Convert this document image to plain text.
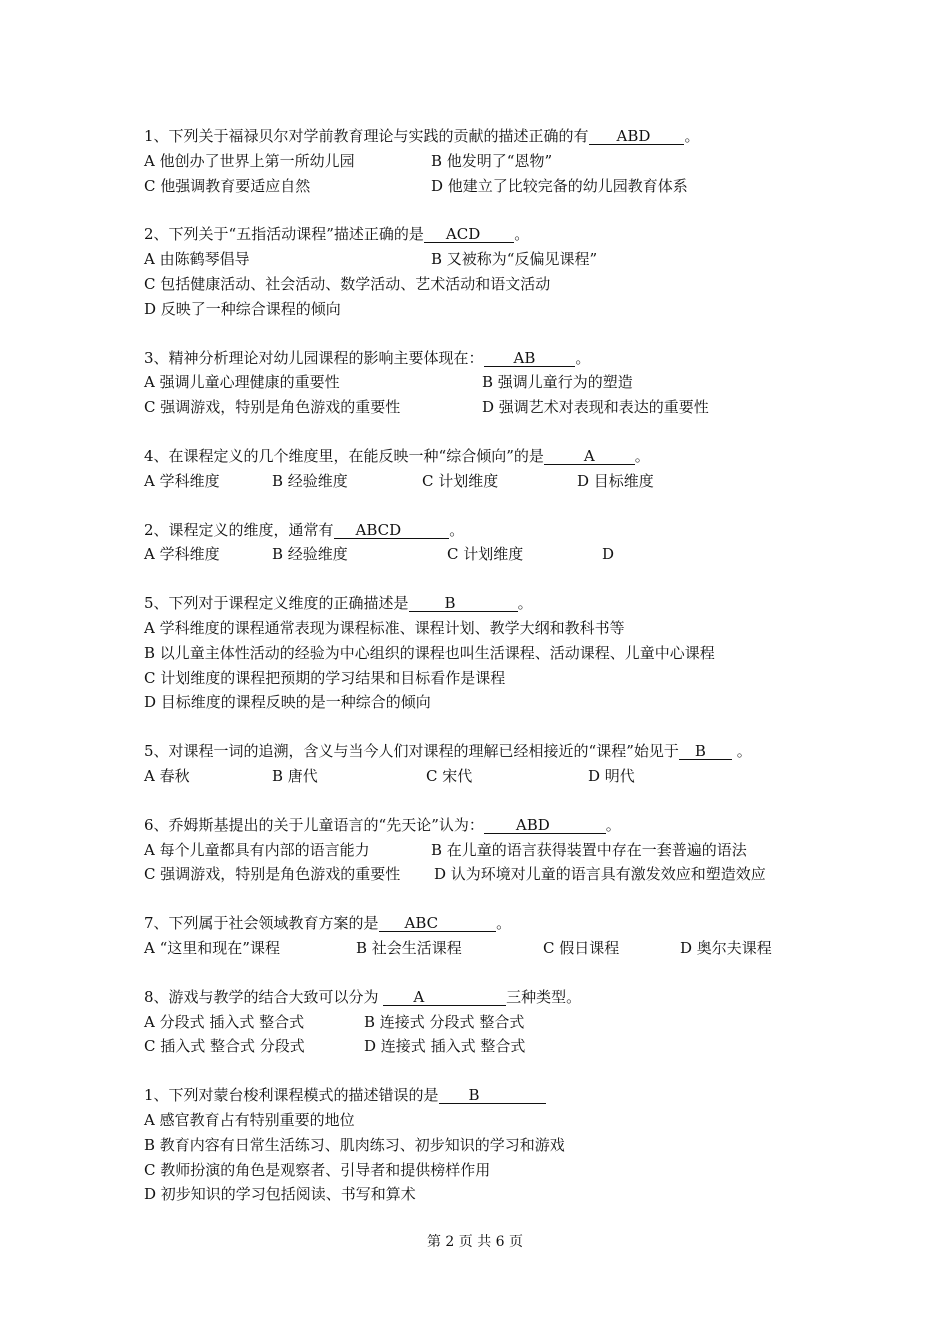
1、下列关于福禄贝尔对学前教育理论与实践的贡献的描述正确的有 ABD 。
A 他创办了世界上第一所幼儿园	B 他发明了“恩物”
C 他强调教育要适应自然	D 他建立了比较完备的幼儿园教育体系
2、下列关于“五指活动课程”描述正确的是 ACD 。
A 由陈鹤琴倡导	B 又被称为“反偏见课程”
C 包括健康活动、社会活动、数学活动、艺术活动和语文活动
D 反映了一种综合课程的倾向
3、精神分析理论对幼儿园课程的影响主要体现在： AB	。
A 强调儿童心理健康的重要性	B 强调儿童行为的塑造
C 强调游戏，特别是角色游戏的重要性	D 强调艺术对表现和表达的重要性
4、在课程定义的几个维度里，在能反映一种“综合倾向”的是	A	。
A 学科维度	B 经验维度	C 计划维度	D 目标维度
2、课程定义的维度，通常有 ABCD	。
A 学科维度	B 经验维度	C 计划维度	D
5、下列对于课程定义维度的正确描述是 B	。
A 学科维度的课程通常表现为课程标准、课程计划、教学大纲和教科书等
B 以儿童主体性活动的经验为中心组织的课程也叫生活课程、活动课程、儿童中心课程
C 计划维度的课程把预期的学习结果和目标看作是课程
D 目标维度的课程反映的是一种综合的倾向
5、对课程一词的追溯，含义与当今人们对课程的理解已经相接近的“课程”始见于 B 。
A 春秋	B 唐代	C 宋代	D 明代
6、乔姆斯基提出的关于儿童语言的“先天论”认为： ABD	。
A 每个儿童都具有内部的语言能力	B 在儿童的语言获得装置中存在一套普遍的语法
C 强调游戏，特别是角色游戏的重要性	D 认为环境对儿童的语言具有激发效应和塑造效应
7、下列属于社会领域教育方案的是 ABC	。
A “这里和现在”课程	B 社会生活课程	C 假日课程	D 奥尔夫课程
8、游戏与教学的结合大致可以分为 A	三种类型。
A 分段式 插入式 整合式	B 连接式 分段式 整合式
C 插入式 整合式 分段式	D 连接式 插入式 整合式
1、下列对蒙台梭利课程模式的描述错误的是 B
A 感官教育占有特别重要的地位
B 教育内容有日常生活练习、肌肉练习、初步知识的学习和游戏
C 教师扮演的角色是观察者、引导者和提供榜样作用
D 初步知识的学习包括阅读、书写和算术
第 2 页 共 6 页
